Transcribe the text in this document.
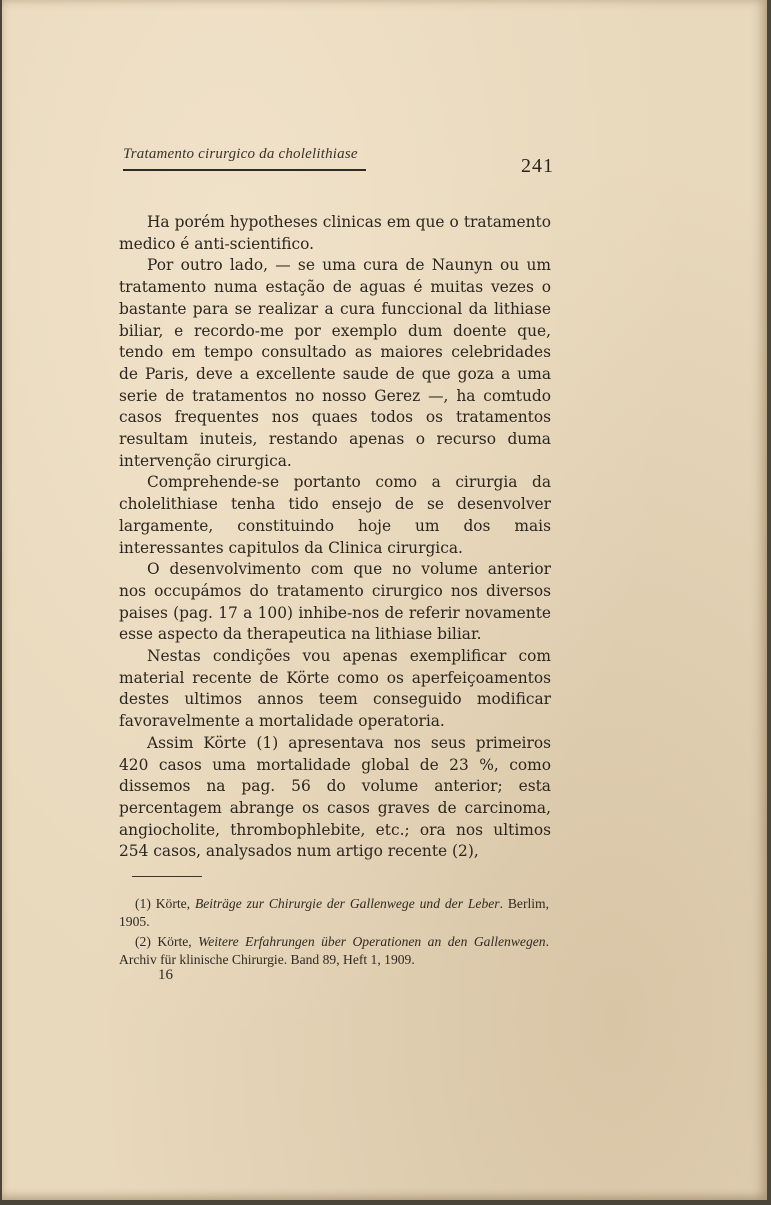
Tratamento cirurgico da cholelithiase
241

Ha porém hypotheses clinicas em que o tratamento medico é anti-scientifico.

Por outro lado, — se uma cura de Naunyn ou um tratamento numa estação de aguas é muitas vezes o bastante para se realizar a cura funccional da lithiase biliar, e recordo-me por exemplo dum doente que, tendo em tempo consultado as maiores celebridades de Paris, deve a excellente saude de que goza a uma serie de tratamentos no nosso Gerez —, ha comtudo casos frequentes nos quaes todos os tratamentos resultam inuteis, restando apenas o recurso duma intervenção cirurgica.

Comprehende-se portanto como a cirurgia da cholelithiase tenha tido ensejo de se desenvolver largamente, constituindo hoje um dos mais interessantes capitulos da Clinica cirurgica.

O desenvolvimento com que no volume anterior nos occupámos do tratamento cirurgico nos diversos paises (pag. 17 a 100) inhibe-nos de referir novamente esse aspecto da therapeutica na lithiase biliar.

Nestas condições vou apenas exemplificar com material recente de Körte como os aperfeiçoamentos destes ultimos annos teem conseguido modificar favoravelmente a mortalidade operatoria.

Assim Körte (1) apresentava nos seus primeiros 420 casos uma mortalidade global de 23 %, como dissemos na pag. 56 do volume anterior; esta percentagem abrange os casos graves de carcinoma, angiocholite, thrombophlebite, etc.; ora nos ultimos 254 casos, analysados num artigo recente (2),

(1) Körte, Beiträge zur Chirurgie der Gallenwege und der Leber. Berlim, 1905.

(2) Körte, Weitere Erfahrungen über Operationen an den Gallenwegen. Archiv für klinische Chirurgie. Band 89, Heft 1, 1909.

16
